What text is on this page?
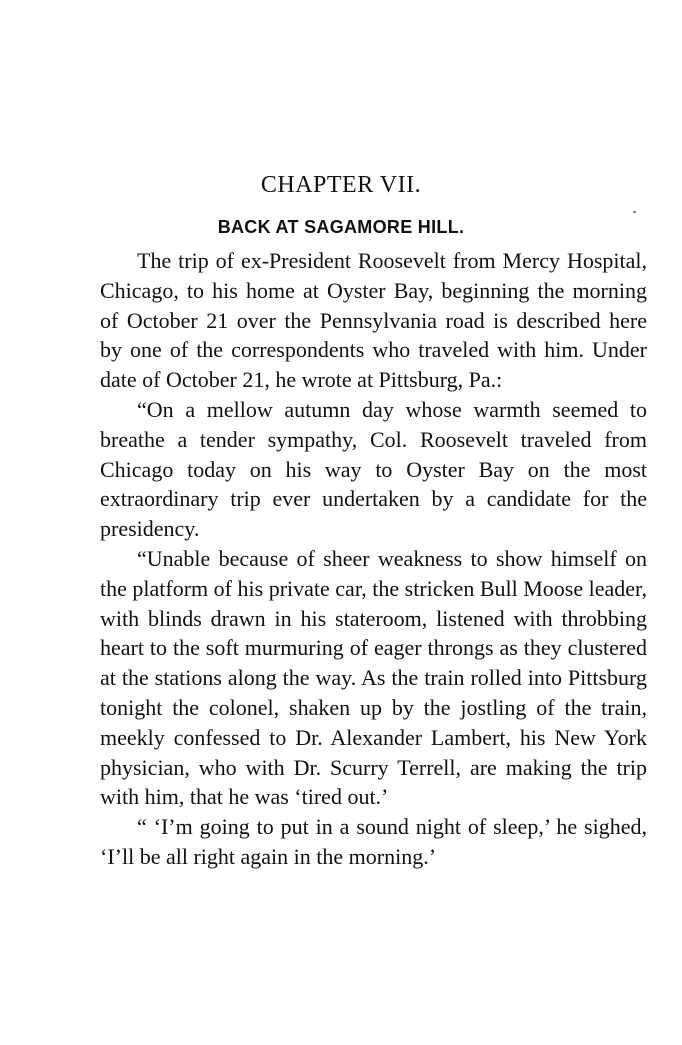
CHAPTER VII.
BACK AT SAGAMORE HILL.

The trip of ex-President Roosevelt from Mercy Hospital, Chicago, to his home at Oyster Bay, beginning the morning of October 21 over the Pennsylvania road is described here by one of the correspondents who traveled with him. Under date of October 21, he wrote at Pittsburg, Pa.:

“On a mellow autumn day whose warmth seemed to breathe a tender sympathy, Col. Roosevelt traveled from Chicago today on his way to Oyster Bay on the most extraordinary trip ever undertaken by a candidate for the presidency.

“Unable because of sheer weakness to show himself on the platform of his private car, the stricken Bull Moose leader, with blinds drawn in his stateroom, listened with throbbing heart to the soft murmuring of eager throngs as they clustered at the stations along the way. As the train rolled into Pittsburg tonight the colonel, shaken up by the jostling of the train, meekly confessed to Dr. Alexander Lambert, his New York physician, who with Dr. Scurry Terrell, are making the trip with him, that he was ‘tired out.’

“ ‘I’m going to put in a sound night of sleep,’ he sighed, ‘I’ll be all right again in the morning.’
